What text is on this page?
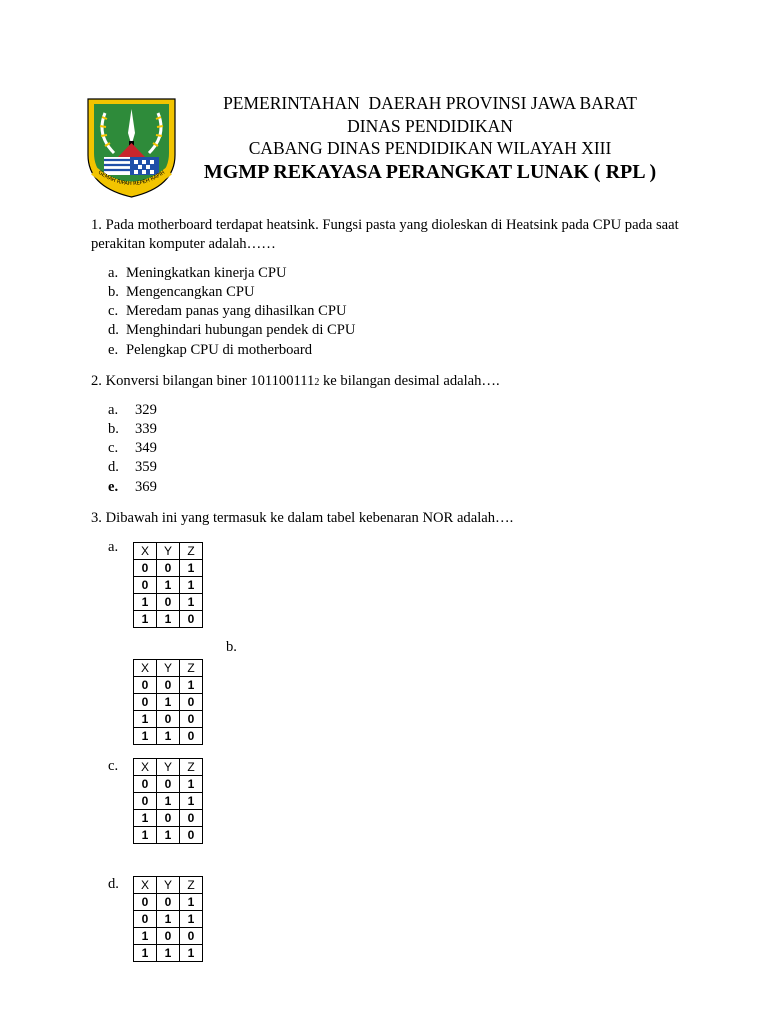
GEMAH RIPAH REPEH RAPIH
PEMERINTAHAN  DAERAH PROVINSI JAWA BARAT
DINAS PENDIDIKAN
CABANG DINAS PENDIDIKAN WILAYAH XIII
MGMP REKAYASA PERANGKAT LUNAK ( RPL )
1. Pada motherboard terdapat heatsink. Fungsi pasta yang dioleskan di Heatsink pada CPU pada saat perakitan komputer adalah……
a. Meningkatkan kinerja CPU
b. Mengencangkan CPU
c. Meredam panas yang dihasilkan CPU
d. Menghindari hubungan pendek di CPU
e. Pelengkap CPU di motherboard
2. Konversi bilangan biner 1011001112 ke bilangan desimal adalah….
a. 329
b. 339
c. 349
d. 359
e. 369
3. Dibawah ini yang termasuk ke dalam tabel kebenaran NOR adalah….
a. X	Y	Z
0	0	1
0	1	1
1	0	1
1	1	0
b.
X	Y	Z
0	0	1
0	1	0
1	0	0
1	1	0
c. X	Y	Z
0	0	1
0	1	1
1	0	0
1	1	0
d. X	Y	Z
0	0	1
0	1	1
1	0	0
1	1	1
